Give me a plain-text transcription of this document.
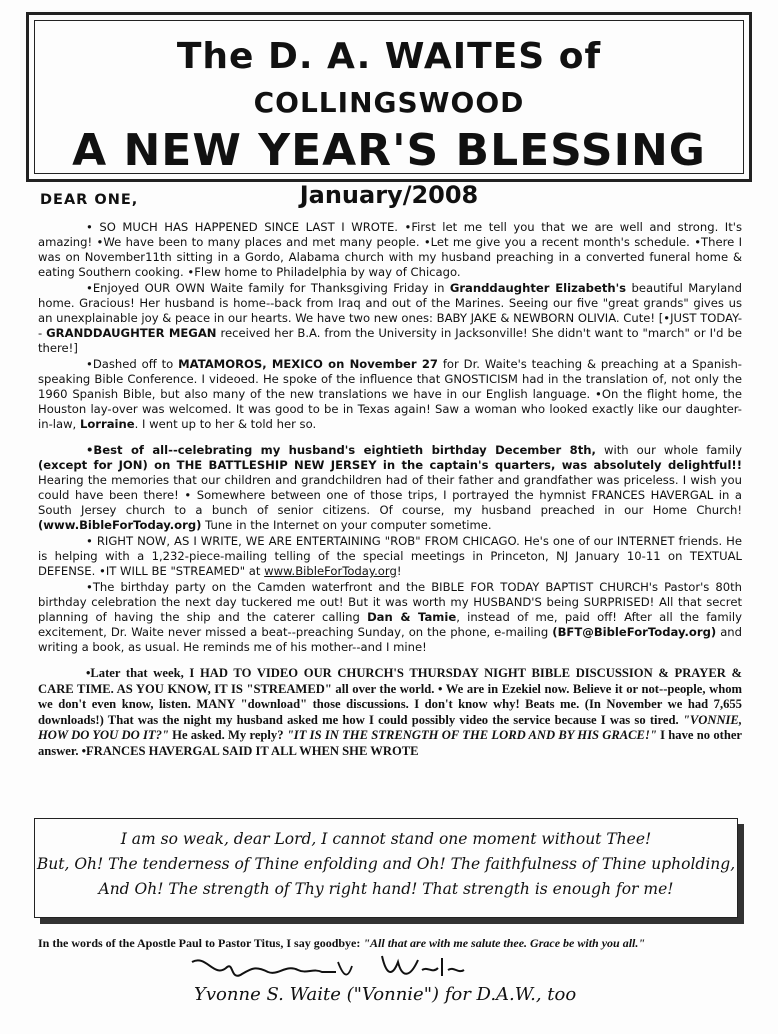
The D. A. WAITES of COLLINGSWOOD
A NEW YEAR'S BLESSING
January/2008
DEAR ONE,

• SO MUCH HAS HAPPENED SINCE LAST I WROTE. •First let me tell you that we are well and strong. It's amazing! •We have been to many places and met many people. •Let me give you a recent month's schedule. •There I was on November11th sitting in a Gordo, Alabama church with my husband preaching in a converted funeral home & eating Southern cooking. •Flew home to Philadelphia by way of Chicago.

•Enjoyed OUR OWN Waite family for Thanksgiving Friday in Granddaughter Elizabeth's beautiful Maryland home. Gracious! Her husband is home--back from Iraq and out of the Marines. Seeing our five "great grands" gives us an unexplainable joy & peace in our hearts. We have two new ones: BABY JAKE & NEWBORN OLIVIA. Cute! [•JUST TODAY-- GRANDDAUGHTER MEGAN received her B.A. from the University in Jacksonville! She didn't want to "march" or I'd be there!]

•Dashed off to MATAMOROS, MEXICO on November 27 for Dr. Waite's teaching & preaching at a Spanish-speaking Bible Conference. I videoed. He spoke of the influence that GNOSTICISM had in the translation of, not only the 1960 Spanish Bible, but also many of the new translations we have in our English language. •On the flight home, the Houston lay-over was welcomed. It was good to be in Texas again! Saw a woman who looked exactly like our daughter-in-law, Lorraine. I went up to her & told her so.

•Best of all--celebrating my husband's eightieth birthday December 8th, with our whole family (except for JON) on THE BATTLESHIP NEW JERSEY in the captain's quarters, was absolutely delightful!! Hearing the memories that our children and grandchildren had of their father and grandfather was priceless. I wish you could have been there! • Somewhere between one of those trips, I portrayed the hymnist FRANCES HAVERGAL in a South Jersey church to a bunch of senior citizens. Of course, my husband preached in our Home Church! (www.BibleForToday.org) Tune in the Internet on your computer sometime.

• RIGHT NOW, AS I WRITE, WE ARE ENTERTAINING "ROB" FROM CHICAGO. He's one of our INTERNET friends. He is helping with a 1,232-piece-mailing telling of the special meetings in Princeton, NJ January 10-11 on TEXTUAL DEFENSE. •IT WILL BE "STREAMED" at www.BibleForToday.org!

•The birthday party on the Camden waterfront and the BIBLE FOR TODAY BAPTIST CHURCH's Pastor's 80th birthday celebration the next day tuckered me out! But it was worth my HUSBAND'S being SURPRISED! All that secret planning of having the ship and the caterer calling Dan & Tamie, instead of me, paid off! After all the family excitement, Dr. Waite never missed a beat--preaching Sunday, on the phone, e-mailing (BFT@BibleForToday.org) and writing a book, as usual. He reminds me of his mother--and I mine!

•Later that week, I HAD TO VIDEO OUR CHURCH'S THURSDAY NIGHT BIBLE DISCUSSION & PRAYER & CARE TIME. AS YOU KNOW, IT IS "STREAMED" all over the world. • We are in Ezekiel now. Believe it or not--people, whom we don't even know, listen. MANY "download" those discussions. I don't know why! Beats me. (In November we had 7,655 downloads!) That was the night my husband asked me how I could possibly video the service because I was so tired. "VONNIE, HOW DO YOU DO IT?" He asked. My reply? "IT IS IN THE STRENGTH OF THE LORD AND BY HIS GRACE!" I have no other answer. •FRANCES HAVERGAL SAID IT ALL WHEN SHE WROTE

I am so weak, dear Lord, I cannot stand one moment without Thee!
But, Oh! The tenderness of Thine enfolding and Oh! The faithfulness of Thine upholding,
And Oh! The strength of Thy right hand! That strength is enough for me!
In the words of the Apostle Paul to Pastor Titus, I say goodbye: "All that are with me salute thee. Grace be with you all."
Yvonne S. Waite ("Vonnie") for D.A.W., too
